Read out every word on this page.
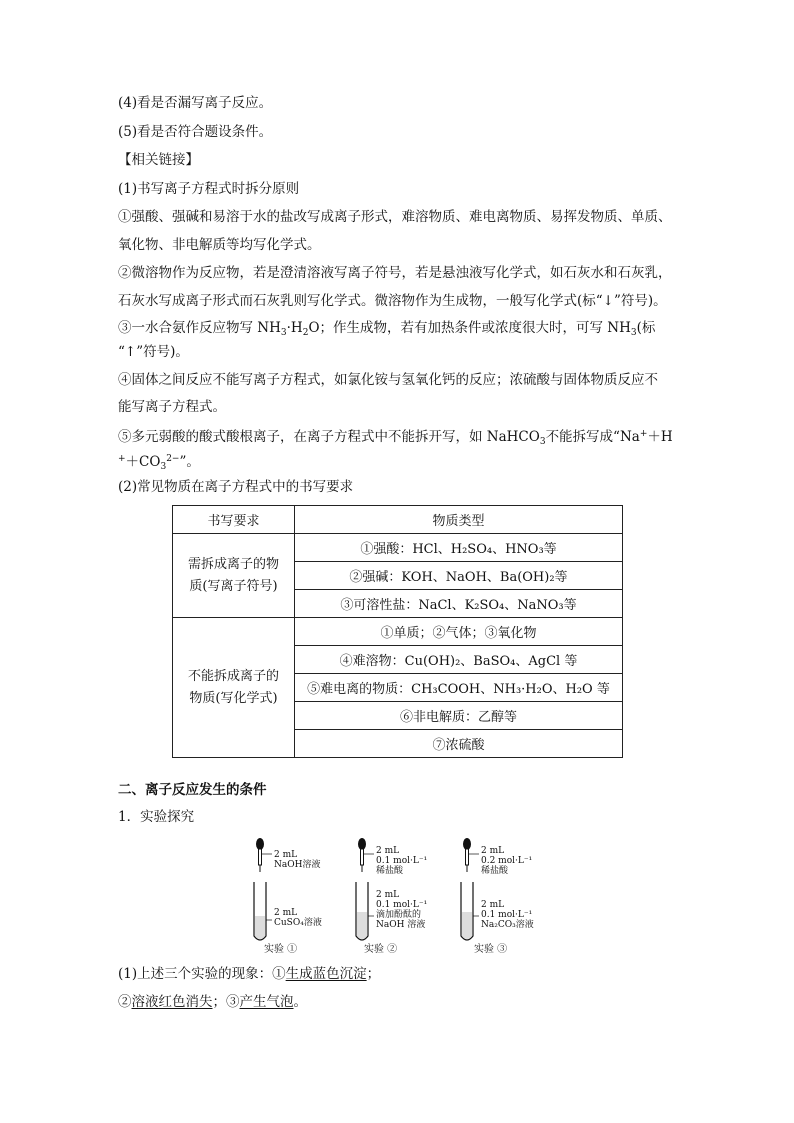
(4)看是否漏写离子反应。
(5)看是否符合题设条件。
【相关链接】
(1)书写离子方程式时拆分原则
①强酸、强碱和易溶于水的盐改写成离子形式，难溶物质、难电离物质、易挥发物质、单质、
氧化物、非电解质等均写化学式。
②微溶物作为反应物，若是澄清溶液写离子符号，若是悬浊液写化学式，如石灰水和石灰乳，
石灰水写成离子形式而石灰乳则写化学式。微溶物作为生成物，一般写化学式(标“↓”符号)。
③一水合氨作反应物写 $NH_3\cdot H_2O$；作生成物，若有加热条件或浓度很大时，可写 $NH_3$(标
“↑”符号)。
④固体之间反应不能写离子方程式，如氯化铵与氢氧化钙的反应；浓硫酸与固体物质反应不
能写离子方程式。
⑤多元弱酸的酸式酸根离子，在离子方程式中不能拆开写，如 NaHCO$_3$不能拆写成“Na+＋H
$^++CO_3^{2-}$”。
(2)常见物质在离子方程式中的书写要求
书写要求	物质类型

需拆成离子的物
质(写离子符号)	①强酸：HCl、H₂SO₄、HNO₃等
	②强碱：KOH、NaOH、Ba(OH)₂等
	③可溶性盐：NaCl、K₂SO₄、NaNO₃等

不能拆成离子的
物质(写化学式)	①单质；②气体；③氧化物
	④难溶物：Cu(OH)₂、BaSO₄、AgCl 等
	⑤难电离的物质：CH₃COOH、NH₃·H₂O、H₂O 等
	⑥非电解质：乙醇等
	⑦浓硫酸
二、离子反应发生的条件
1．实验探究
2 mL
NaOH溶液
2 mL
CuSO₄溶液
实验 ①
2 mL
0.1 mol·L⁻¹
稀盐酸
2 mL
0.1 mol·L⁻¹
滴加酚酞的
NaOH 溶液
实验 ②
2 mL
0.2 mol·L⁻¹
稀盐酸
2 mL
0.1 mol·L⁻¹
Na₂CO₃溶液
实验 ③
(1)上述三个实验的现象：①生成蓝色沉淀；
②溶液红色消失；③产生气泡。
